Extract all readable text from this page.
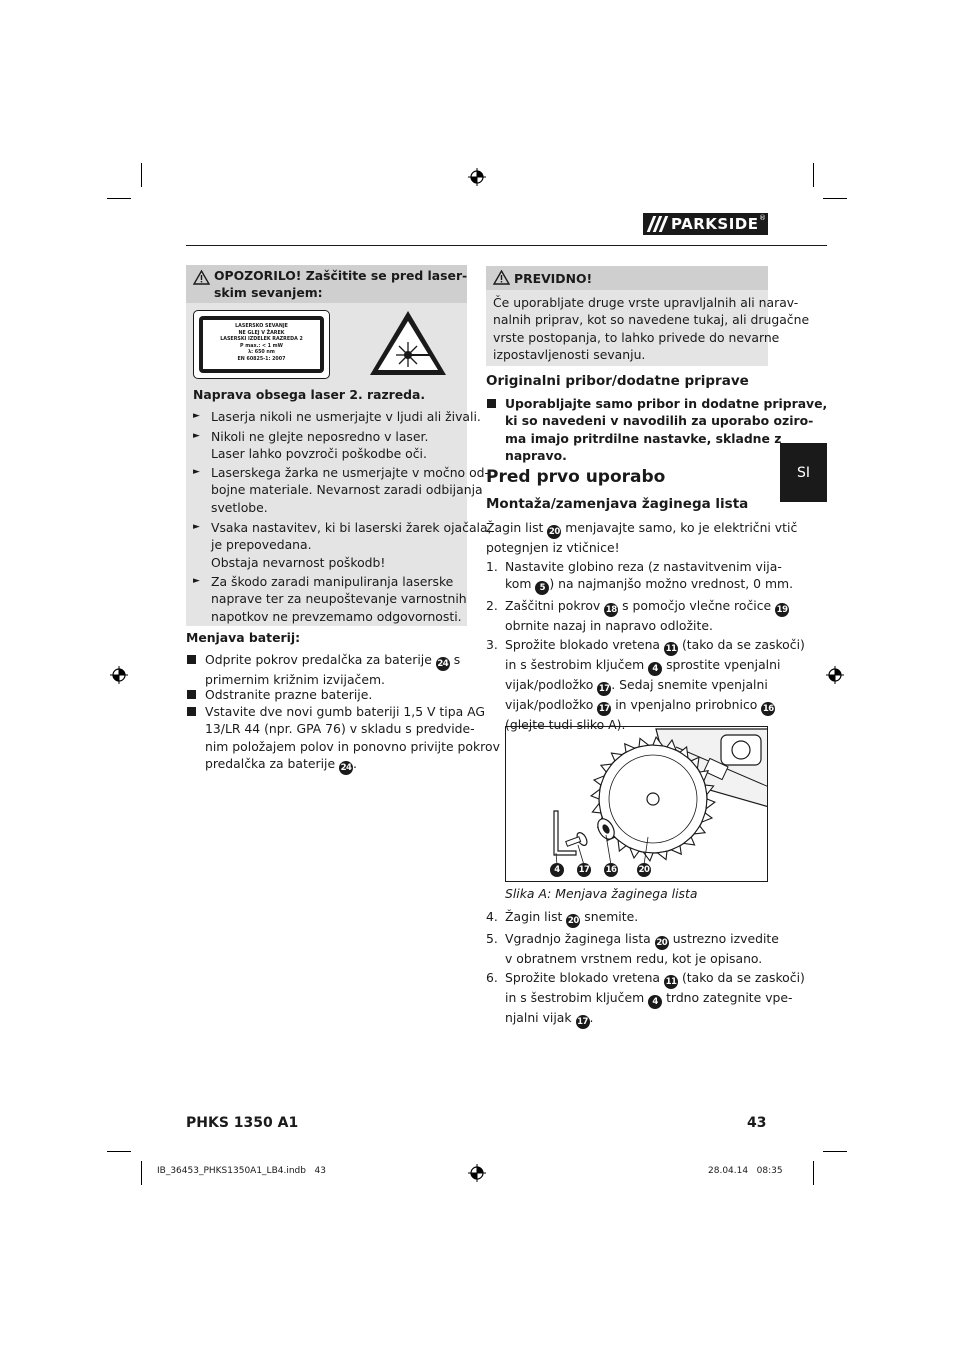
PARKSIDE ®
SI
OPOZORILO! Zaščitite se pred laser-
skim sevanjem:
LASERSKO SEVANJE
NE GLEJ V ŽAREK
LASERSKI IZDELEK RAZREDA 2
P max.: < 1 mW
λ: 650 nm
EN 60825-1: 2007
Naprava obsega laser 2. razreda.
► Laserja nikoli ne usmerjajte v ljudi ali živali.
► Nikoli ne glejte neposredno v laser.
Laser lahko povzroči poškodbe oči.
► Laserskega žarka ne usmerjajte v močno od-
bojne materiale. Nevarnost zaradi odbijanja
svetlobe.
► Vsaka nastavitev, ki bi laserski žarek ojačala,
je prepovedana.
Obstaja nevarnost poškodb!
► Za škodo zaradi manipuliranja laserske
naprave ter za neupoštevanje varnostnih
napotkov ne prevzemamo odgovornosti.
Menjava baterij:
Odprite pokrov predalčka za baterije 24 s
primernim križnim izvijačem.
Odstranite prazne baterije.
Vstavite dve novi gumb bateriji 1,5 V tipa AG
13/LR 44 (npr. GPA 76) v skladu s predvide-
nim položajem polov in ponovno privijte pokrov
predalčka za baterije 24 .
PREVIDNO!
Če uporabljate druge vrste upravljalnih ali narav-
nalnih priprav, kot so navedene tukaj, ali drugačne
vrste postopanja, to lahko privede do nevarne
izpostavljenosti sevanju.
Originalni pribor/dodatne priprave
Uporabljajte samo pribor in dodatne priprave,
ki so navedeni v navodilih za uporabo oziro-
ma imajo pritrdilne nastavke, skladne z
napravo.
Pred prvo uporabo
Montaža/zamenjava žaginega lista
Žagin list 20 menjavajte samo, ko je električni vtič
potegnjen iz vtičnice!
1. Nastavite globino reza (z nastavitvenim vija-
kom 5 ) na najmanjšo možno vrednost, 0 mm.
2. Zaščitni pokrov 18 s pomočjo vlečne ročice 19
obrnite nazaj in napravo odložite.
3. Sprožite blokado vretena 11 (tako da se zaskoči)
in s šestrobim ključem 4 sprostite vpenjalni
vijak/podložko 17 . Sedaj snemite vpenjalni
vijak/podložko 17 in vpenjalno prirobnico 16
(glejte tudi sliko A).
4	17 16	20
Slika A: Menjava žaginega lista
4. Žagin list 20 snemite.
5. Vgradnjo žaginega lista 20 ustrezno izvedite
v obratnem vrstnem redu, kot je opisano.
6. Sprožite blokado vretena 11 (tako da se zaskoči)
in s šestrobim ključem 4 trdno zategnite vpe-
njalni vijak 17 .
PHKS 1350 A1	43
IB_36453_PHKS1350A1_LB4.indb   43	28.04.14   08:35
